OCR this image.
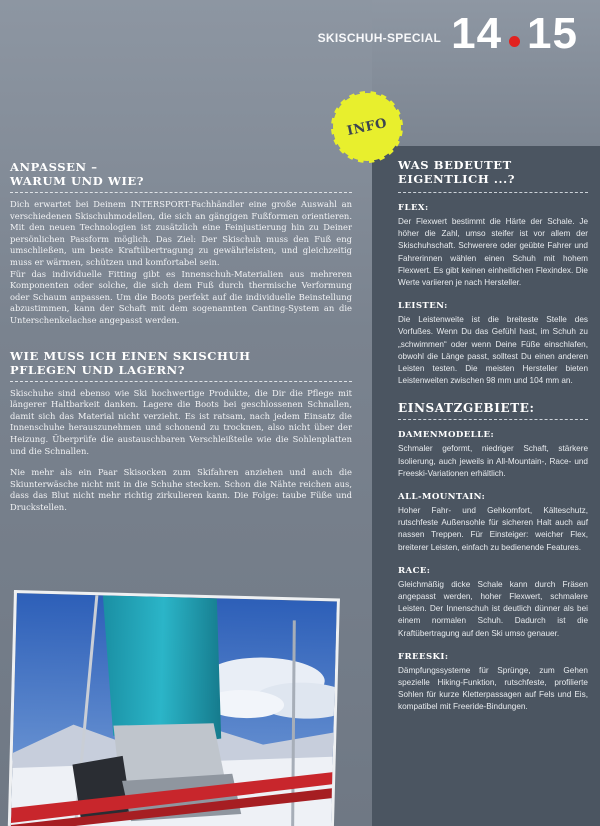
SKISCHUH-SPECIAL 14 15
INFO
ANPASSEN –
WARUM UND WIE?

Dich erwartet bei Deinem INTERSPORT-Fachhändler eine große Auswahl an verschiedenen Skischuhmodellen, die sich an gängigen Fußformen orientieren. Mit den neuen Technologien ist zusätzlich eine Feinjustierung hin zu Deiner persönlichen Passform möglich. Das Ziel: Der Skischuh muss den Fuß eng umschließen, um beste Kraftübertragung zu gewährleisten, und gleichzeitig muss er wärmen, schützen und komfortabel sein.

Für das individuelle Fitting gibt es Innenschuh-Materialien aus mehreren Komponenten oder solche, die sich dem Fuß durch thermische Verformung oder Schaum anpassen. Um die Boots perfekt auf die individuelle Beinstellung abzustimmen, kann der Schaft mit dem sogenannten Canting-System an die Unterschenkelachse angepasst werden.

WIE MUSS ICH EINEN SKISCHUH
PFLEGEN UND LAGERN?

Skischuhe sind ebenso wie Ski hochwertige Produkte, die Dir die Pflege mit längerer Haltbarkeit danken. Lagere die Boots bei geschlossenen Schnallen, damit sich das Material nicht verzieht. Es ist ratsam, nach jedem Einsatz die Innenschuhe herauszunehmen und schonend zu trocknen, also nicht über der Heizung. Überprüfe die austauschbaren Verschleißteile wie die Sohlenplatten und die Schnallen.

Nie mehr als ein Paar Skisocken zum Skifahren anziehen und auch die Skiunterwäsche nicht mit in die Schuhe stecken. Schon die Nähte reichen aus, dass das Blut nicht mehr richtig zirkulieren kann. Die Folge: taube Füße und Druckstellen.

WAS BEDEUTET
EIGENTLICH ...?
FLEX:
Der Flexwert bestimmt die Härte der Schale. Je höher die Zahl, umso steifer ist vor allem der Skischuhschaft. Schwerere oder geübte Fahrer und Fahrerinnen wählen einen Schuh mit hohem Flexwert. Es gibt keinen einheitlichen Flexindex. Die Werte variieren je nach Hersteller.
LEISTEN:
Die Leistenweite ist die breiteste Stelle des Vorfußes. Wenn Du das Gefühl hast, im Schuh zu „schwimmen“ oder wenn Deine Füße einschlafen, obwohl die Länge passt, solltest Du einen anderen Leisten testen. Die meisten Hersteller bieten Leistenweiten zwischen 98 mm und 104 mm an.
EINSATZGEBIETE:
DAMENMODELLE:
Schmaler geformt, niedriger Schaft, stärkere Isolierung, auch jeweils in All-Mountain-, Race- und Freeski-Variationen erhältlich.
ALL-MOUNTAIN:
Hoher Fahr- und Gehkomfort, Kälteschutz, rutschfeste Außensohle für sicheren Halt auch auf nassen Treppen. Für Einsteiger: weicher Flex, breiterer Leisten, einfach zu bedienende Features.
RACE:
Gleichmäßig dicke Schale kann durch Fräsen angepasst werden, hoher Flexwert, schmalere Leisten. Der Innenschuh ist deutlich dünner als bei einem normalen Schuh. Dadurch ist die Kraftübertragung auf den Ski umso genauer.
FREESKI:
Dämpfungssysteme für Sprünge, zum Gehen spezielle Hiking-Funktion, rutschfeste, profilierte Sohlen für kurze Kletterpassagen auf Fels und Eis, kompatibel mit Freeride-Bindungen.
